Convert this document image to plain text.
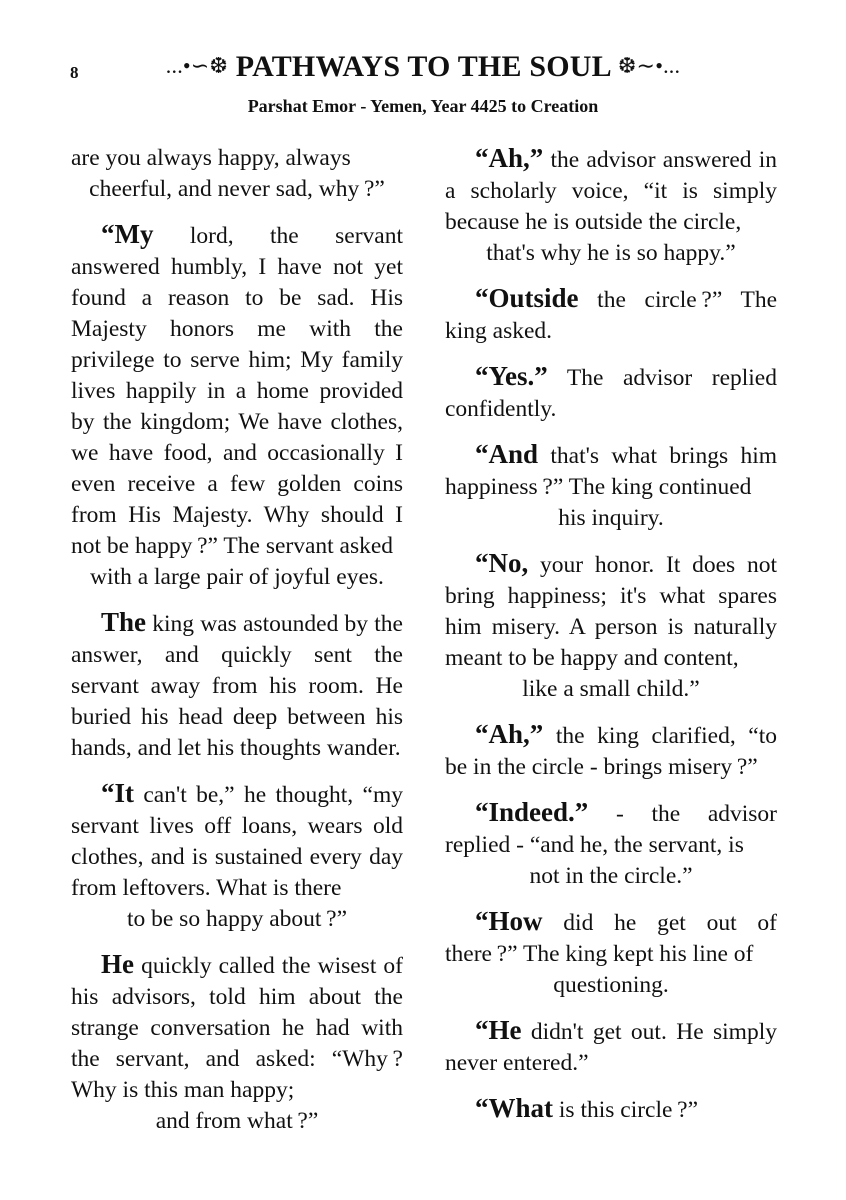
8	...•∽❆ PATHWAYS TO THE SOUL ❆∼•...
Parshat Emor - Yemen, Year 4425 to Creation

are you always happy, always
cheerful, and never sad, why ?”

“My lord, the servant answered humbly, I have not yet found a reason to be sad. His Majesty honors me with the privilege to serve him; My family lives happily in a home provided by the kingdom; We have clothes, we have food, and occasionally I even receive a few golden coins from His Majesty. Why should I not be happy ?” The servant asked
with a large pair of joyful eyes.

The king was astounded by the answer, and quickly sent the servant away from his room. He buried his head deep between his hands, and let his thoughts wander.

“It can't be,” he thought, “my servant lives off loans, wears old clothes, and is sustained every day from leftovers. What is there
to be so happy about ?”

He quickly called the wisest of his advisors, told him about the strange conversation he had with the servant, and asked: “Why ? Why is this man happy;
and from what ?”

“Ah,” the advisor answered in a scholarly voice, “it is simply because he is outside the circle,
that's why he is so happy.”

“Outside the circle ?” The king asked.

“Yes.” The advisor replied confidently.

“And that's what brings him happiness ?” The king continued
his inquiry.

“No, your honor. It does not bring happiness; it's what spares him misery. A person is naturally meant to be happy and content,
like a small child.”

“Ah,” the king clarified, “to be in the circle - brings misery ?”

“Indeed.” - the advisor replied - “and he, the servant, is
not in the circle.”

“How did he get out of there ?” The king kept his line of
questioning.

“He didn't get out. He simply never entered.”

“What is this circle ?”
